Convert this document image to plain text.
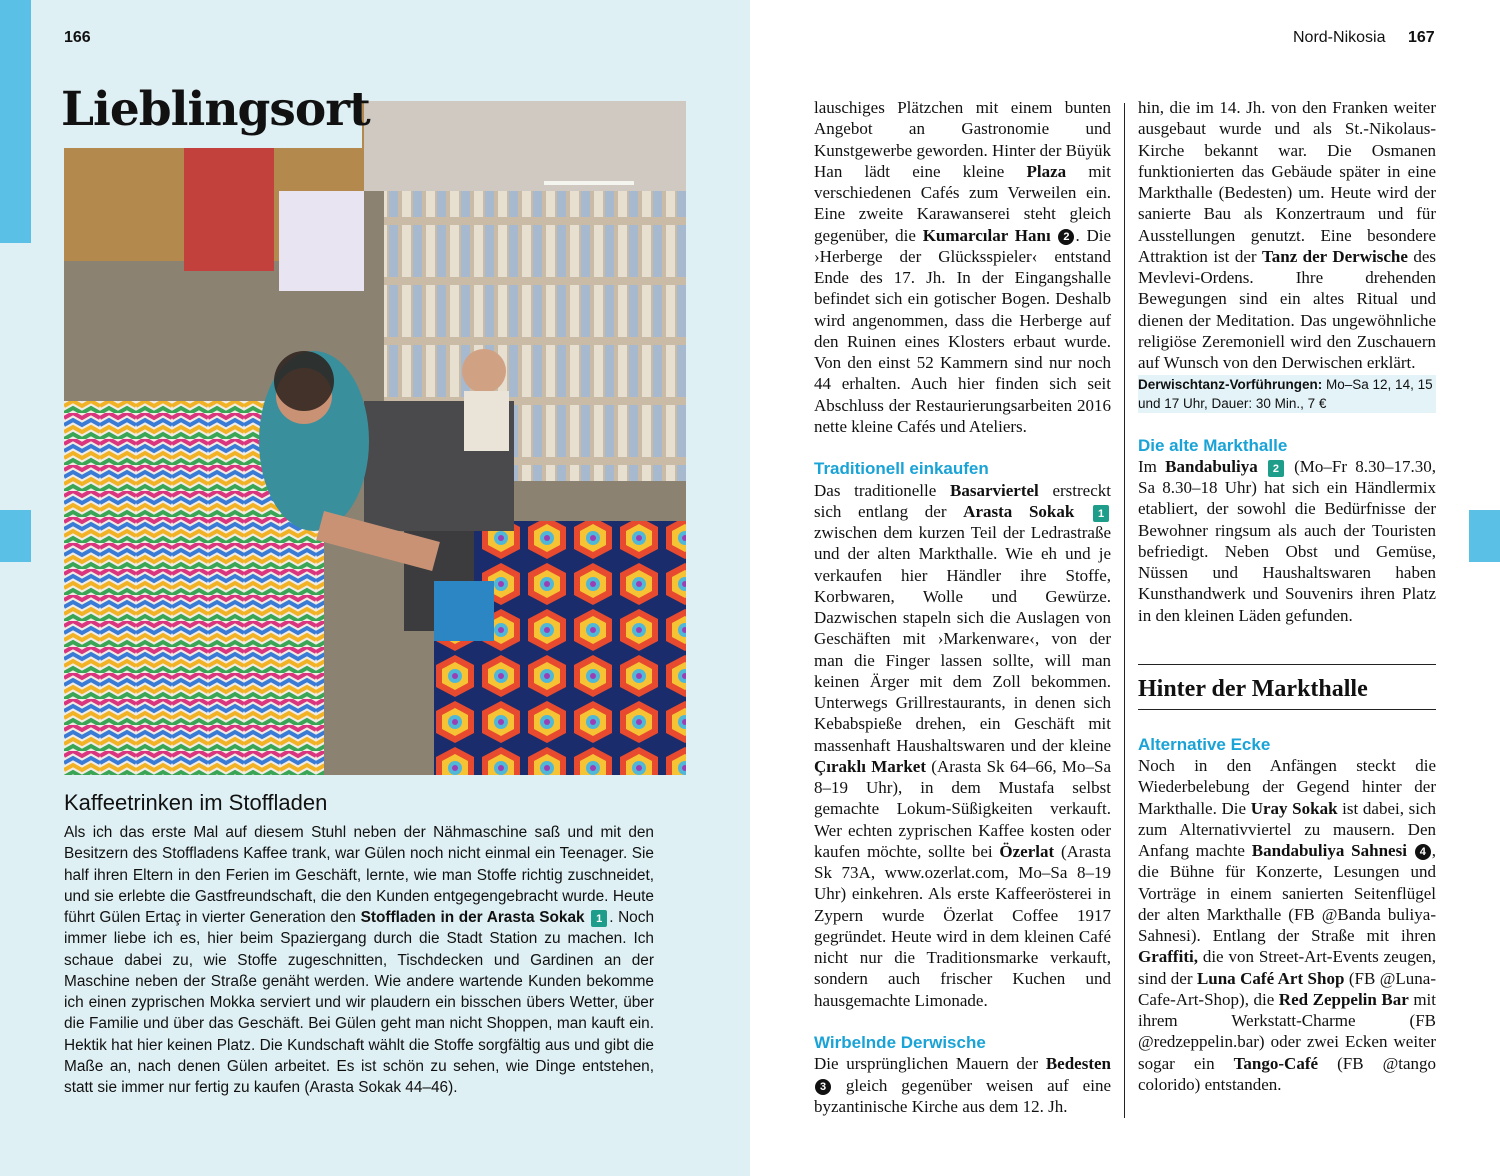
166
Lieblingsort
Kaffeetrinken im Stoffladen
Als ich das erste Mal auf diesem Stuhl neben der Nähmaschine saß und mit den Besitzern des Stoffladens Kaffee trank, war Gülen noch nicht einmal ein Teenager. Sie half ihren Eltern in den Ferien im Geschäft, lernte, wie man Stoffe richtig zuschneidet, und sie erlebte die Gastfreundschaft, die den Kunden entgegengebracht wurde. Heute führt Gülen Ertaç in vierter Generation den Stoffladen in der Arasta Sokak 1 . Noch immer liebe ich es, hier beim Spaziergang durch die Stadt Station zu machen. Ich schaue dabei zu, wie Stoffe zugeschnitten, Tischdecken und Gardinen an der Maschine neben der Straße genäht werden. Wie andere wartende Kunden bekomme ich einen zyprischen Mokka serviert und wir plaudern ein bisschen übers Wetter, über die Familie und über das Geschäft. Bei Gülen geht man nicht Shoppen, man kauft ein. Hektik hat hier keinen Platz. Die Kundschaft wählt die Stoffe sorgfältig aus und gibt die Maße an, nach denen Gülen arbeitet. Es ist schön zu sehen, wie Dinge entstehen, statt sie immer nur fertig zu kaufen (Arasta Sokak 44–46).
Nord-Nikosia 167

lauschiges Plätzchen mit einem bunten Angebot an Gastronomie und Kunstgewerbe geworden. Hinter der Büyük Han lädt eine kleine Plaza mit verschiedenen Cafés zum Verweilen ein. Eine zweite Karawanserei steht gleich gegenüber, die Kumarcılar Hanı 2 . Die ›Herberge der Glücksspieler‹ entstand Ende des 17. Jh. In der Eingangshalle befindet sich ein gotischer Bogen. Deshalb wird angenommen, dass die Herberge auf den Ruinen eines Klosters erbaut wurde. Von den einst 52 Kammern sind nur noch 44 erhalten. Auch hier finden sich seit Abschluss der Restaurierungsarbeiten 2016 nette kleine Cafés und Ateliers.

Traditionell einkaufen

Das traditionelle Basarviertel erstreckt sich entlang der Arasta Sokak 1 zwischen dem kurzen Teil der Ledrastraße und der alten Markthalle. Wie eh und je verkaufen hier Händler ihre Stoffe, Korbwaren, Wolle und Gewürze. Dazwischen stapeln sich die Auslagen von Geschäften mit ›Markenware‹, von der man die Finger lassen sollte, will man keinen Ärger mit dem Zoll bekommen. Unterwegs Grillrestaurants, in denen sich Kebabspieße drehen, ein Geschäft mit massenhaft Haushaltswaren und der kleine Çıraklı Market (Arasta Sk 64–66, Mo–Sa 8–19 Uhr), in dem Mustafa selbst gemachte Lokum-Süßigkeiten verkauft. Wer echten zyprischen Kaffee kosten oder kaufen möchte, sollte bei Özerlat (Arasta Sk 73A, www.ozerlat.com, Mo–Sa 8–19 Uhr) einkehren. Als erste Kaffeerösterei in Zypern wurde Özerlat Coffee 1917 gegründet. Heute wird in dem kleinen Café nicht nur die Traditionsmarke verkauft, sondern auch frischer Kuchen und hausgemachte Limonade.

Wirbelnde Derwische

Die ursprünglichen Mauern der Bedesten 3 gleich gegenüber weisen auf eine byzantinische Kirche aus dem 12. Jh.

hin, die im 14. Jh. von den Franken weiter ausgebaut wurde und als St.-Nikolaus-Kirche bekannt war. Die Osmanen funktionierten das Gebäude später in eine Markthalle (Bedesten) um. Heute wird der sanierte Bau als Konzertraum und für Ausstellungen genutzt. Eine besondere Attraktion ist der Tanz der Derwische des Mevlevi-Ordens. Ihre drehenden Bewegungen sind ein altes Ritual und dienen der Meditation. Das ungewöhnliche religiöse Zeremoniell wird den Zuschauern auf Wunsch von den Derwischen erklärt.

Derwischtanz-Vorführungen: Mo–Sa 12, 14, 15 und 17 Uhr, Dauer: 30 Min., 7 €
Die alte Markthalle

Im Bandabuliya 2 (Mo–Fr 8.30–17.30, Sa 8.30–18 Uhr) hat sich ein Händlermix etabliert, der sowohl die Bedürfnisse der Bewohner ringsum als auch der Touristen befriedigt. Neben Obst und Gemüse, Nüssen und Haushaltswaren haben Kunsthandwerk und Souvenirs ihren Platz in den kleinen Läden gefunden.

Hinter der Markthalle
Alternative Ecke

Noch in den Anfängen steckt die Wiederbelebung der Gegend hinter der Markthalle. Die Uray Sokak ist dabei, sich zum Alternativviertel zu mausern. Den Anfang machte Bandabuliya Sahnesi 4 , die Bühne für Konzerte, Lesungen und Vorträge in einem sanierten Seitenflügel der alten Markthalle (FB @Banda buliya-Sahnesi). Entlang der Straße mit ihren Graffiti, die von Street-Art-Events zeugen, sind der Luna Café Art Shop (FB @Luna-Cafe-Art-Shop), die Red Zeppelin Bar mit ihrem Werkstatt-Charme (FB @redzeppelin.bar) oder zwei Ecken weiter sogar ein Tango-Café (FB @tango colorido) entstanden.
